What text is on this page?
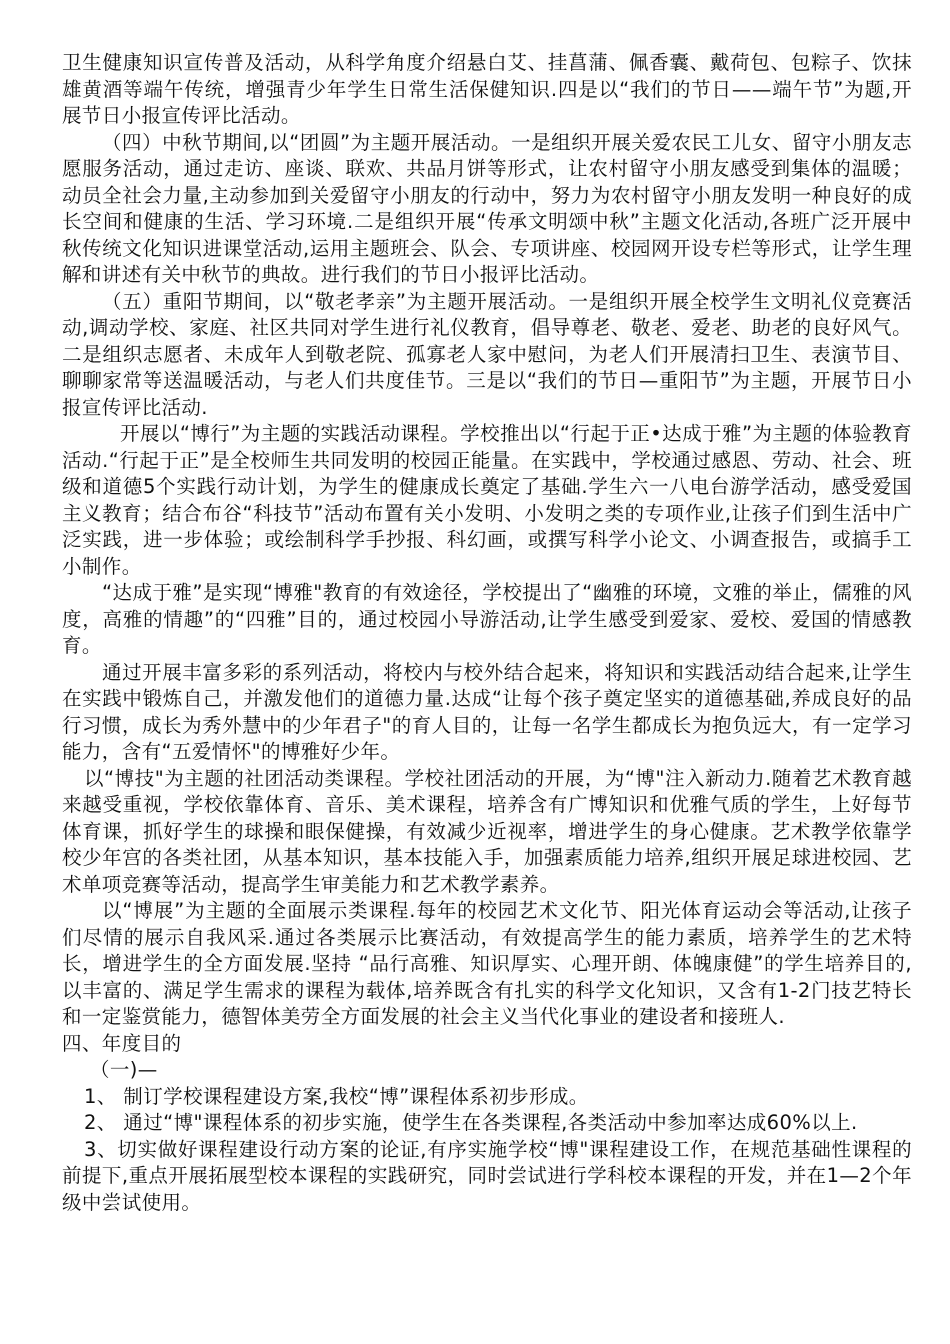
卫生健康知识宣传普及活动，从科学角度介绍悬白艾、挂菖蒲、佩香囊、戴荷包、包粽子、饮抹雄黄酒等端午传统，增强青少年学生日常生活保健知识.四是以“我们的节日——端午节”为题,开展节日小报宣传评比活动。

（四）中秋节期间,以“团圆”为主题开展活动。一是组织开展关爱农民工儿女、留守小朋友志愿服务活动，通过走访、座谈、联欢、共品月饼等形式，让农村留守小朋友感受到集体的温暖；动员全社会力量,主动参加到关爱留守小朋友的行动中，努力为农村留守小朋友发明一种良好的成长空间和健康的生活、学习环境.二是组织开展“传承文明颂中秋”主题文化活动,各班广泛开展中秋传统文化知识进课堂活动,运用主题班会、队会、专项讲座、校园网开设专栏等形式，让学生理解和讲述有关中秋节的典故。进行我们的节日小报评比活动。

（五）重阳节期间，以“敬老孝亲”为主题开展活动。一是组织开展全校学生文明礼仪竞赛活动,调动学校、家庭、社区共同对学生进行礼仪教育，倡导尊老、敬老、爱老、助老的良好风气。二是组织志愿者、未成年人到敬老院、孤寡老人家中慰问，为老人们开展清扫卫生、表演节目、聊聊家常等送温暖活动，与老人们共度佳节。三是以“我们的节日—重阳节”为主题，开展节日小报宣传评比活动.

开展以“博行”为主题的实践活动课程。学校推出以“行起于正•达成于雅”为主题的体验教育活动.“行起于正”是全校师生共同发明的校园正能量。在实践中，学校通过感恩、劳动、社会、班级和道德5个实践行动计划，为学生的健康成长奠定了基础.学生六一八电台游学活动，感受爱国主义教育；结合布谷“科技节”活动布置有关小发明、小发明之类的专项作业,让孩子们到生活中广泛实践，进一步体验；或绘制科学手抄报、科幻画，或撰写科学小论文、小调查报告，或搞手工小制作。

“达成于雅”是实现“博雅"教育的有效途径，学校提出了“幽雅的环境，文雅的举止，儒雅的风度，高雅的情趣”的“四雅”目的，通过校园小导游活动,让学生感受到爱家、爱校、爱国的情感教育。

通过开展丰富多彩的系列活动，将校内与校外结合起来，将知识和实践活动结合起来,让学生在实践中锻炼自己，并激发他们的道德力量.达成“让每个孩子奠定坚实的道德基础,养成良好的品行习惯，成长为秀外慧中的少年君子"的育人目的，让每一名学生都成长为抱负远大，有一定学习能力，含有“五爱情怀"的博雅好少年。

以“博技"为主题的社团活动类课程。学校社团活动的开展，为“博"注入新动力.随着艺术教育越来越受重视，学校依靠体育、音乐、美术课程，培养含有广博知识和优雅气质的学生，上好每节体育课，抓好学生的球操和眼保健操，有效减少近视率，增进学生的身心健康。艺术教学依靠学校少年宫的各类社团，从基本知识，基本技能入手，加强素质能力培养,组织开展足球进校园、艺术单项竞赛等活动，提高学生审美能力和艺术教学素养。

以“博展”为主题的全面展示类课程.每年的校园艺术文化节、阳光体育运动会等活动,让孩子们尽情的展示自我风采.通过各类展示比赛活动，有效提高学生的能力素质，培养学生的艺术特长，增进学生的全方面发展.坚持 “品行高雅、知识厚实、心理开朗、体魄康健”的学生培养目的,以丰富的、满足学生需求的课程为载体,培养既含有扎实的科学文化知识，又含有1-2门技艺特长和一定鉴赏能力，德智体美劳全方面发展的社会主义当代化事业的建设者和接班人.

四、年度目的

（一)—

1、 制订学校课程建设方案,我校“博”课程体系初步形成。

2、 通过“博"课程体系的初步实施，使学生在各类课程,各类活动中参加率达成60%以上.

3、切实做好课程建设行动方案的论证,有序实施学校“博"课程建设工作，在规范基础性课程的前提下,重点开展拓展型校本课程的实践研究，同时尝试进行学科校本课程的开发，并在1—2个年级中尝试使用。
